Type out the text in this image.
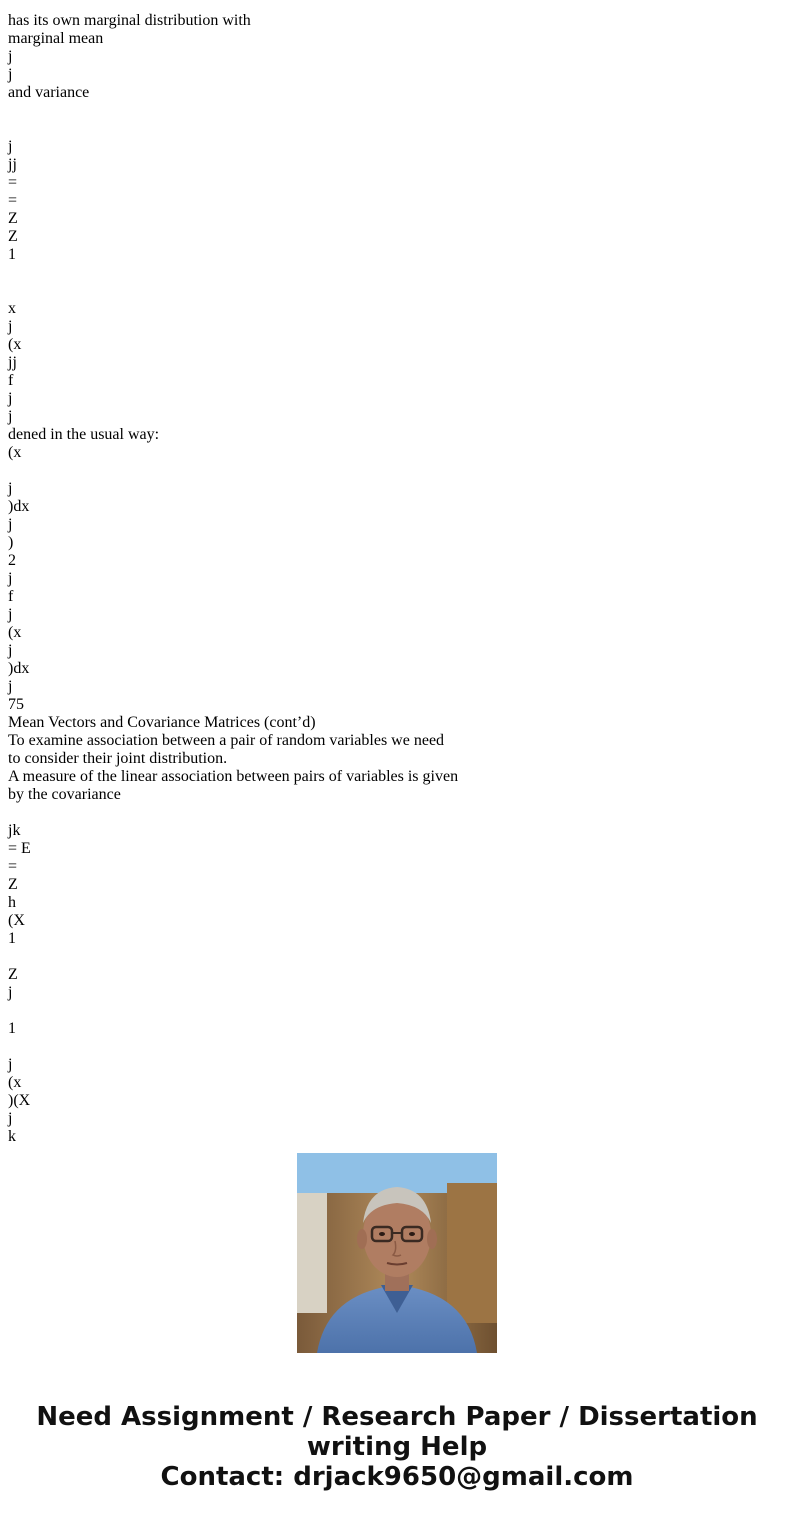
has its own marginal distribution with
marginal mean
j
j
and variance
j
jj
=
=
Z
Z
1
x
j
(x
jj
f
j
j
dened in the usual way:
(x
j
)dx
j
)
2
j
f
j
(x
j
)dx
j
75
Mean Vectors and Covariance Matrices (cont’d)
To examine association between a pair of random variables we need
to consider their joint distribution.
A measure of the linear association between pairs of variables is given
by the covariance
jk
= E
=
Z
h
(X
1
Z
j
1
j
(x
)(X
j
k
Need Assignment / Research Paper / Dissertation
writing Help
Contact: drjack9650@gmail.com
